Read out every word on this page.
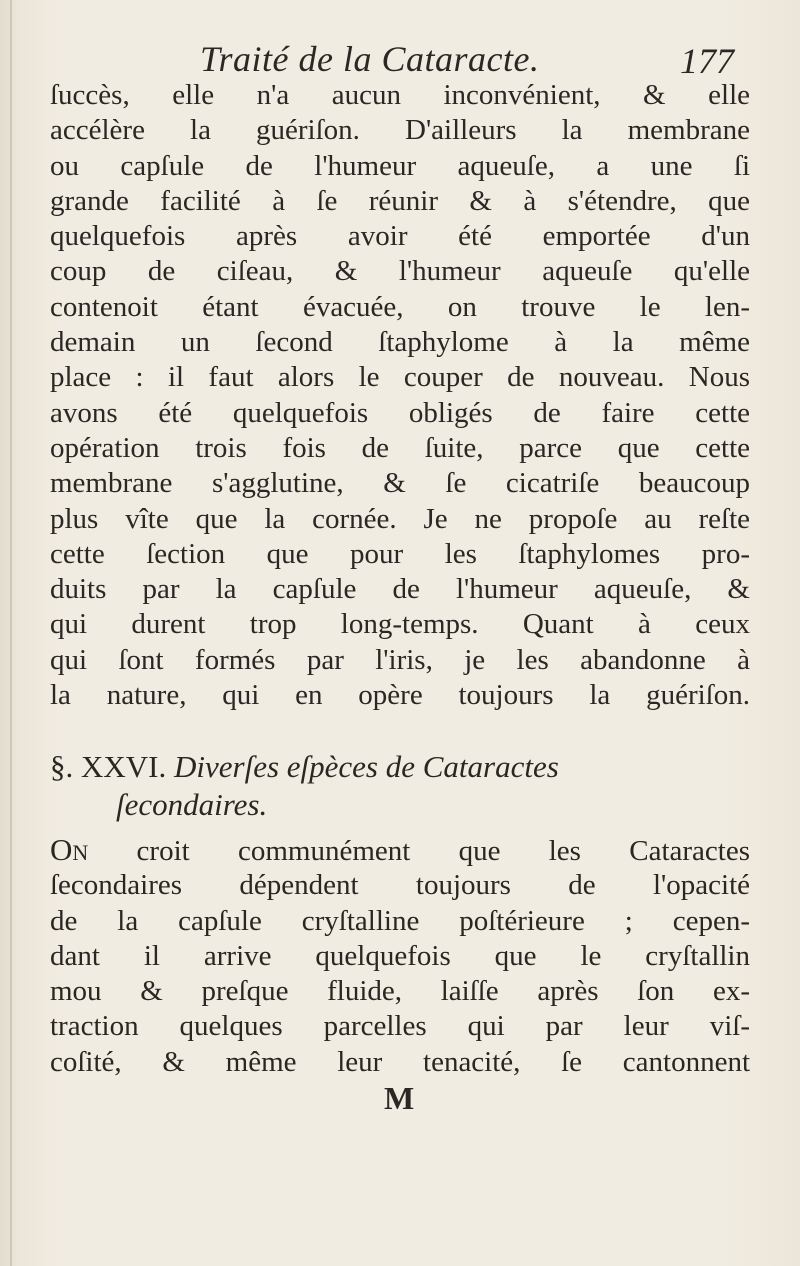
Traité de la Cataracte.	177
ſuccès, elle n'a aucun inconvénient, & elle
accélère la guériſon. D'ailleurs la membrane
ou capſule de l'humeur aqueuſe, a une ſi
grande facilité à ſe réunir & à s'étendre, que
quelquefois après avoir été emportée d'un
coup de ciſeau, & l'humeur aqueuſe qu'elle
contenoit étant évacuée, on trouve le len-
demain un ſecond ſtaphylome à la même
place : il faut alors le couper de nouveau. Nous
avons été quelquefois obligés de faire cette
opération trois fois de ſuite, parce que cette
membrane s'agglutine, & ſe cicatriſe beaucoup
plus vîte que la cornée. Je ne propoſe au reſte
cette ſection que pour les ſtaphylomes pro-
duits par la capſule de l'humeur aqueuſe, &
qui durent trop long-temps. Quant à ceux
qui ſont formés par l'iris, je les abandonne à
la nature, qui en opère toujours la guériſon.
§. XXVI. Diverſes eſpèces de Cataractes
ſecondaires.
On croit communément que les Cataractes
ſecondaires dépendent toujours de l'opacité
de la capſule cryſtalline poſtérieure ; cepen-
dant il arrive quelquefois que le cryſtallin
mou & preſque fluide, laiſſe après ſon ex-
traction quelques parcelles qui par leur viſ-
coſité, & même leur tenacité, ſe cantonnent
M
